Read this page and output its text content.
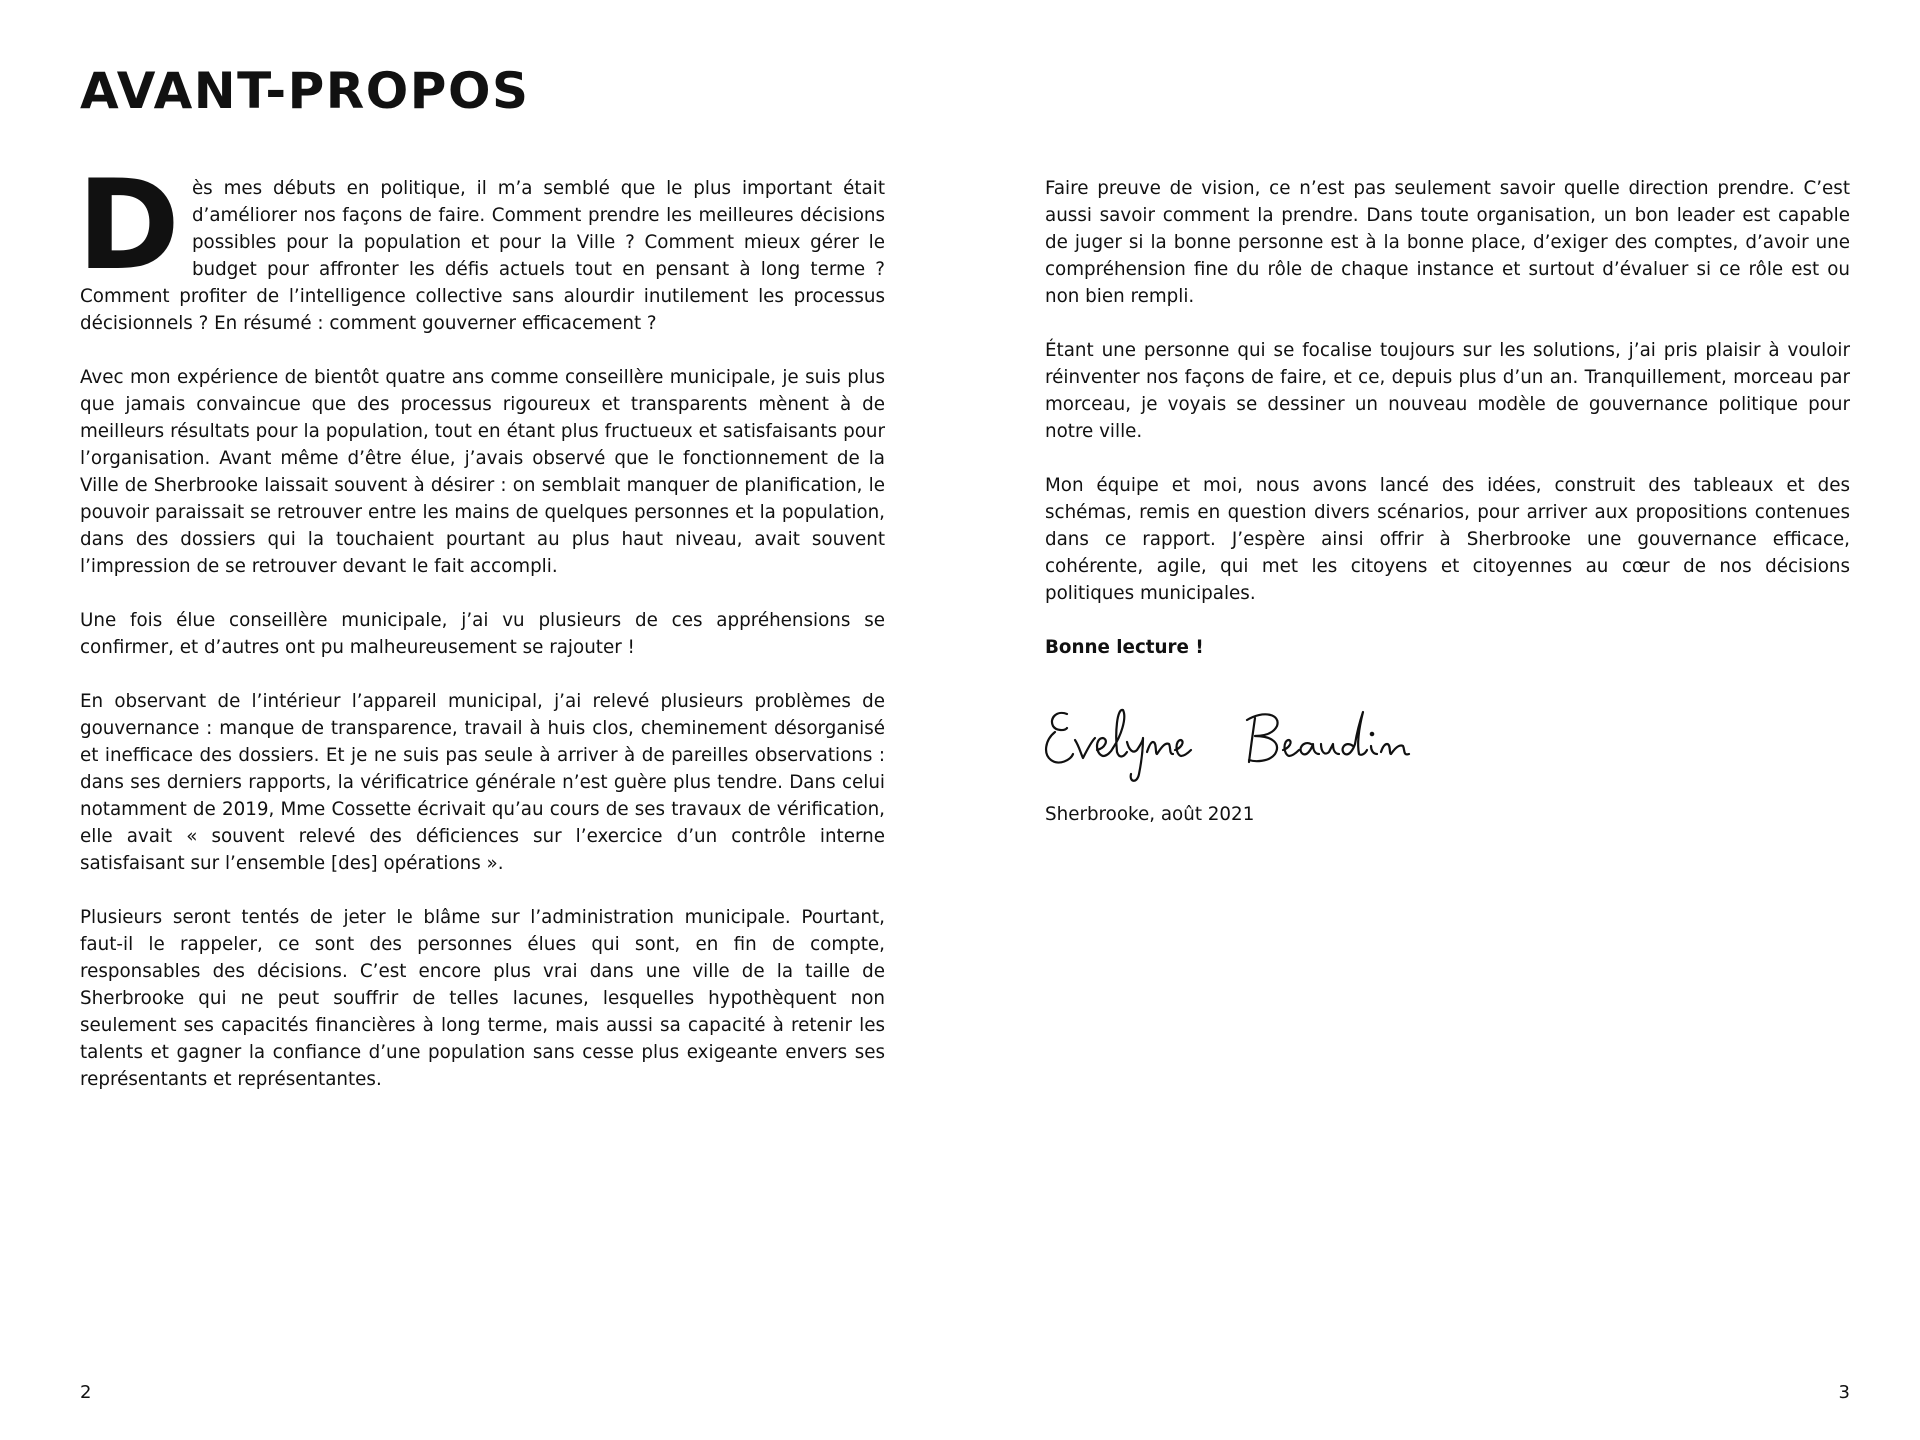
AVANT-PROPOS

Dès mes débuts en politique, il m’a semblé que le plus important était d’améliorer nos façons de faire. Comment prendre les meilleures décisions possibles pour la population et pour la Ville ? Comment mieux gérer le budget pour affronter les défis actuels tout en pensant à long terme ? Comment profiter de l’intelligence collective sans alourdir inutilement les processus décisionnels ? En résumé : comment gouverner efficacement ?

Avec mon expérience de bientôt quatre ans comme conseillère municipale, je suis plus que jamais convaincue que des processus rigoureux et transparents mènent à de meilleurs résultats pour la population, tout en étant plus fructueux et satisfaisants pour l’organisation. Avant même d’être élue, j’avais observé que le fonctionnement de la Ville de Sherbrooke laissait souvent à désirer : on semblait manquer de planification, le pouvoir paraissait se retrouver entre les mains de quelques personnes et la population, dans des dossiers qui la touchaient pourtant au plus haut niveau, avait souvent l’impression de se retrouver devant le fait accompli.

Une fois élue conseillère municipale, j’ai vu plusieurs de ces appréhensions se confirmer, et d’autres ont pu malheureusement se rajouter !

En observant de l’intérieur l’appareil municipal, j’ai relevé plusieurs problèmes de gouvernance : manque de transparence, travail à huis clos, cheminement désorganisé et inefficace des dossiers. Et je ne suis pas seule à arriver à de pareilles observations : dans ses derniers rapports, la vérificatrice générale n’est guère plus tendre. Dans celui notamment de 2019, Mme Cossette écrivait qu’au cours de ses travaux de vérification, elle avait « souvent relevé des déficiences sur l’exercice d’un contrôle interne satisfaisant sur l’ensemble [des] opérations ».

Plusieurs seront tentés de jeter le blâme sur l’administration municipale. Pourtant, faut-il le rappeler, ce sont des personnes élues qui sont, en fin de compte, responsables des décisions. C’est encore plus vrai dans une ville de la taille de Sherbrooke qui ne peut souffrir de telles lacunes, lesquelles hypothèquent non seulement ses capacités financières à long terme, mais aussi sa capacité à retenir les talents et gagner la confiance d’une population sans cesse plus exigeante envers ses représentants et représentantes.

Faire preuve de vision, ce n’est pas seulement savoir quelle direction prendre. C’est aussi savoir comment la prendre. Dans toute organisation, un bon leader est capable de juger si la bonne personne est à la bonne place, d’exiger des comptes, d’avoir une compréhension fine du rôle de chaque instance et surtout d’évaluer si ce rôle est ou non bien rempli.

Étant une personne qui se focalise toujours sur les solutions, j’ai pris plaisir à vouloir réinventer nos façons de faire, et ce, depuis plus d’un an. Tranquillement, morceau par morceau, je voyais se dessiner un nouveau modèle de gouvernance politique pour notre ville.

Mon équipe et moi, nous avons lancé des idées, construit des tableaux et des schémas, remis en question divers scénarios, pour arriver aux propositions contenues dans ce rapport. J’espère ainsi offrir à Sherbrooke une gouvernance efficace, cohérente, agile, qui met les citoyens et citoyennes au cœur de nos décisions politiques municipales.

Bonne lecture !

Sherbrooke, août 2021

2	3
